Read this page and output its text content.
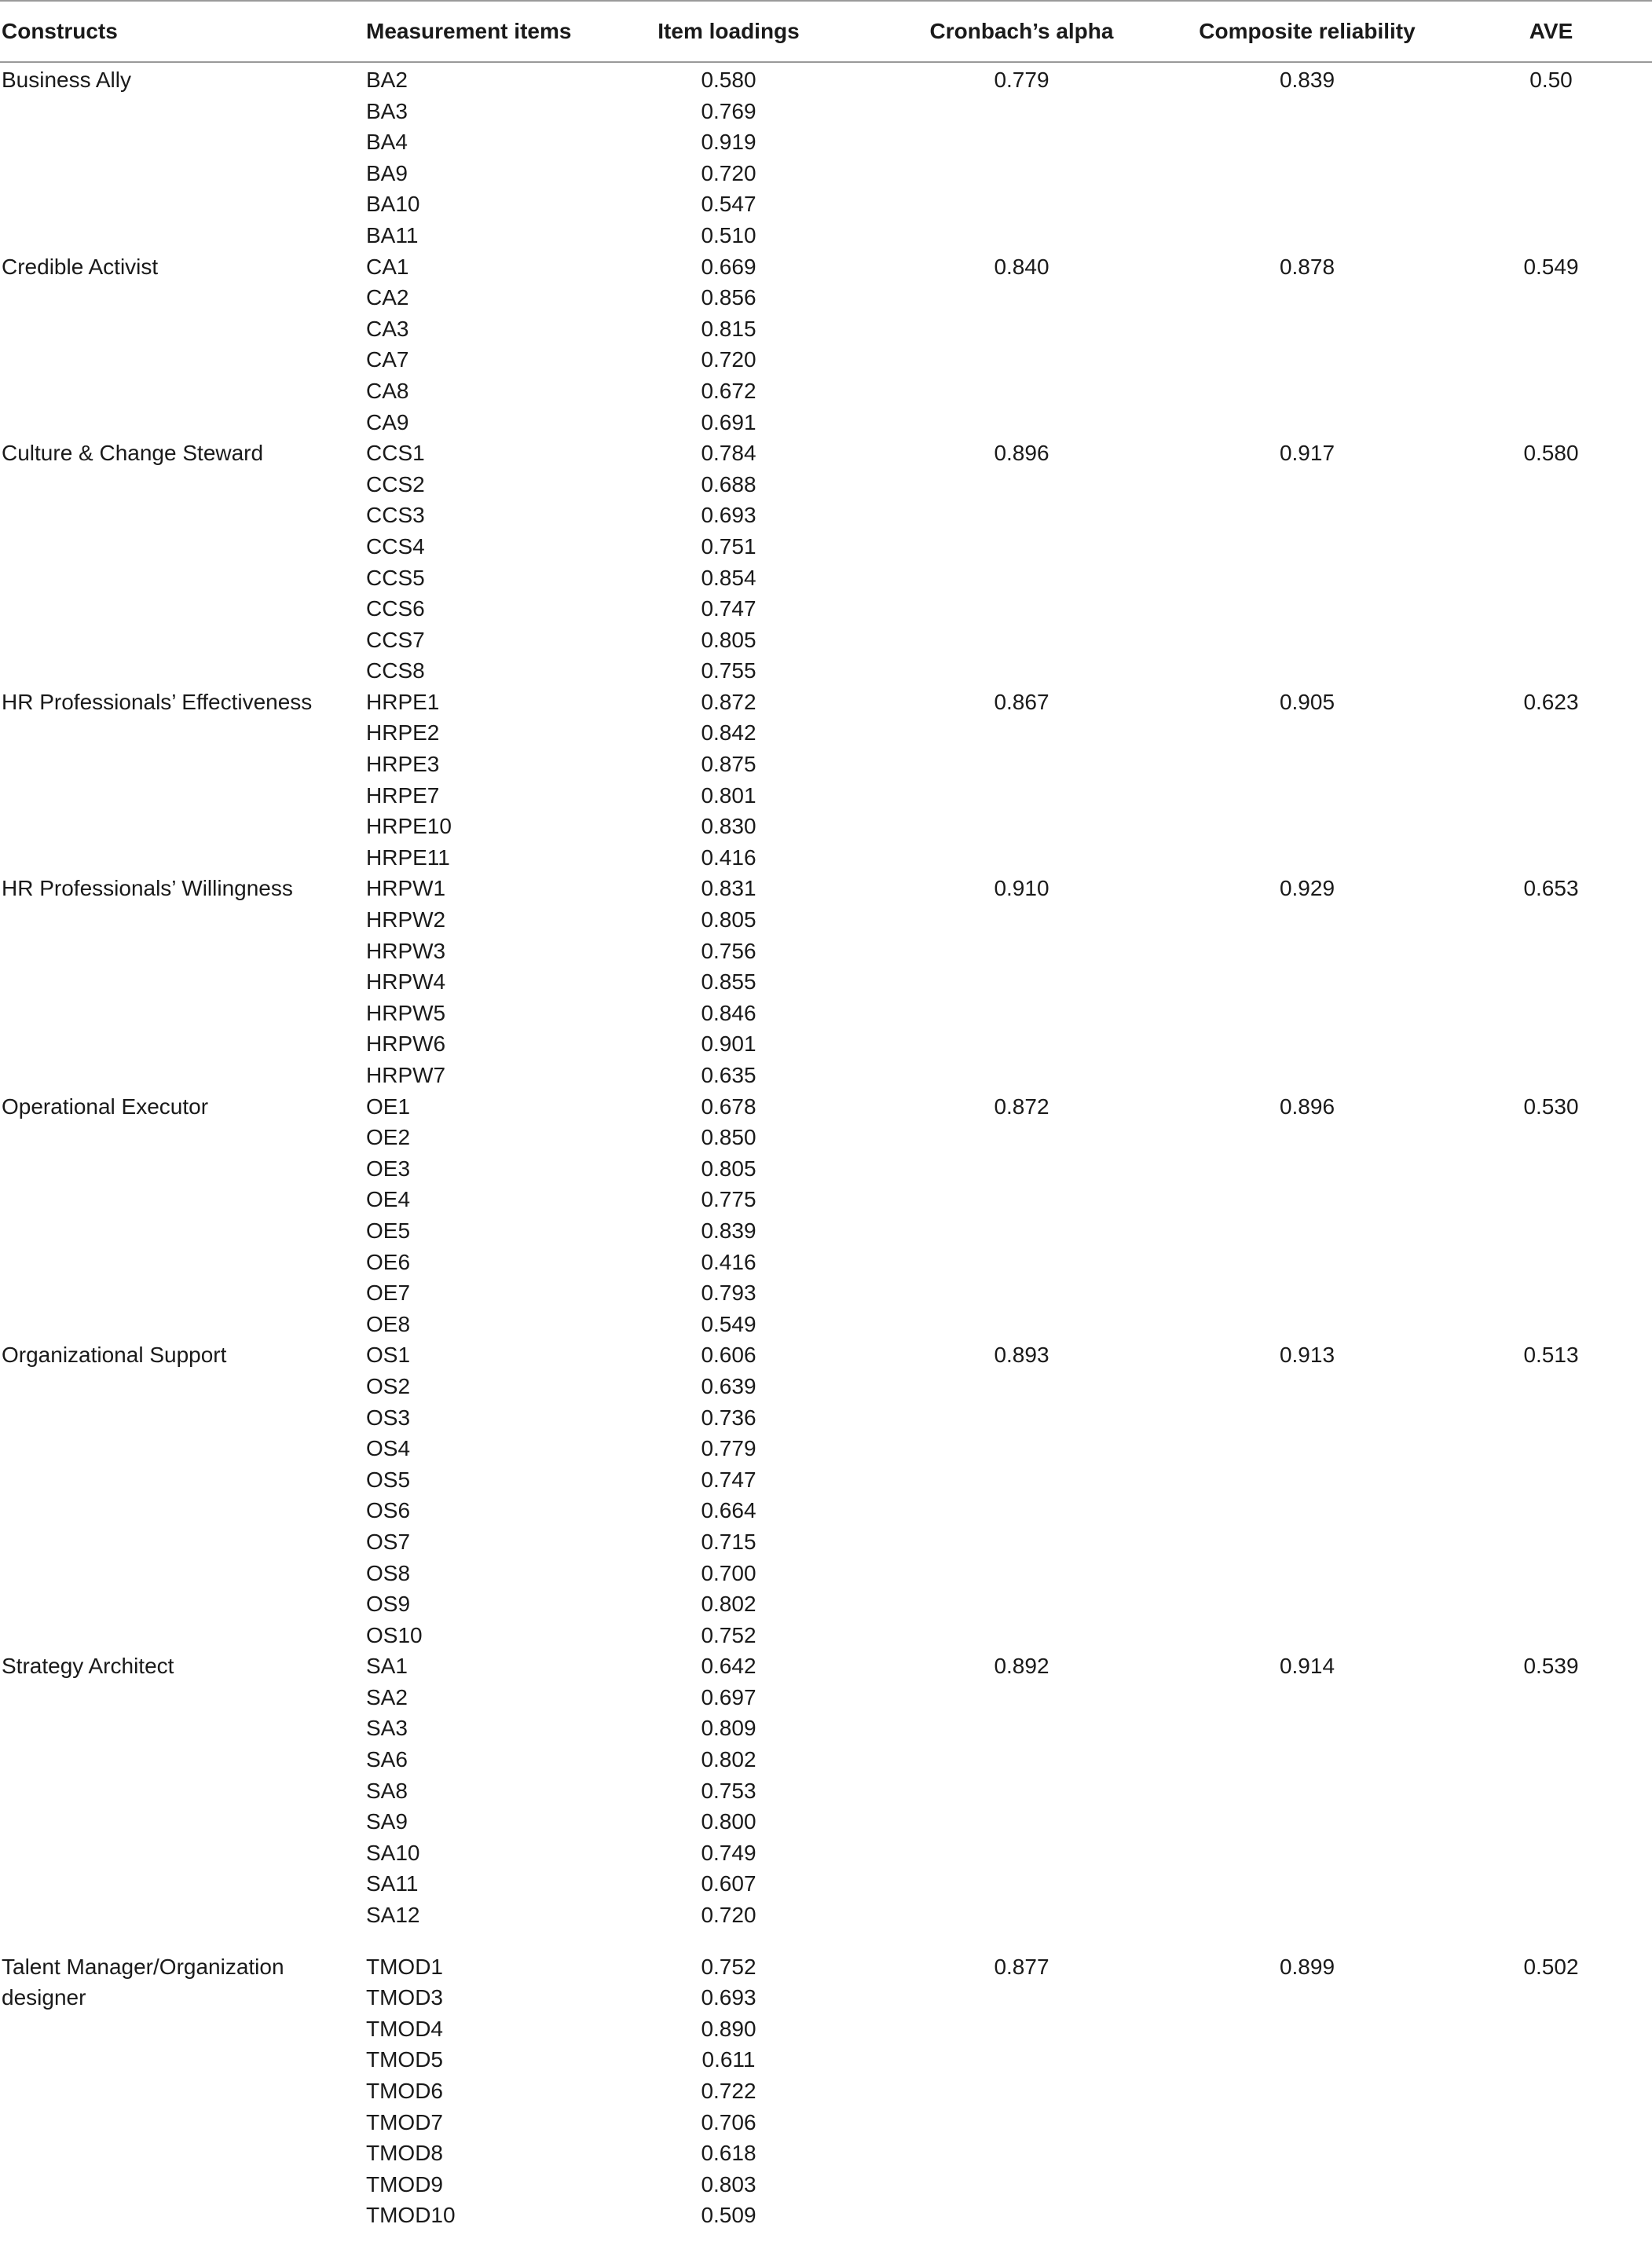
Constructs	Measurement items	Item loadings	Cronbach’s alpha	Composite reliability	AVE
Business Ally	BA2	0.580	0.779	0.839	0.50
	BA3	0.769			
	BA4	0.919			
	BA9	0.720			
	BA10	0.547			
	BA11	0.510			
Credible Activist	CA1	0.669	0.840	0.878	0.549
	CA2	0.856			
	CA3	0.815			
	CA7	0.720			
	CA8	0.672			
	CA9	0.691			
Culture & Change Steward	CCS1	0.784	0.896	0.917	0.580
	CCS2	0.688			
	CCS3	0.693			
	CCS4	0.751			
	CCS5	0.854			
	CCS6	0.747			
	CCS7	0.805			
	CCS8	0.755			

HR Professionals’ Effectiveness	HRPE1	0.872	0.867	0.905	0.623
	HRPE2	0.842			
	HRPE3	0.875			
	HRPE7	0.801			
	HRPE10	0.830			
	HRPE11	0.416			
HR Professionals’ Willingness	HRPW1	0.831	0.910	0.929	0.653
	HRPW2	0.805			
	HRPW3	0.756			
	HRPW4	0.855			
	HRPW5	0.846			
	HRPW6	0.901			
	HRPW7	0.635			
Operational Executor	OE1	0.678	0.872	0.896	0.530
	OE2	0.850			
	OE3	0.805			
	OE4	0.775			
	OE5	0.839			
	OE6	0.416			
	OE7	0.793			
	OE8	0.549			
Organizational Support	OS1	0.606	0.893	0.913	0.513
	OS2	0.639			
	OS3	0.736			
	OS4	0.779			
	OS5	0.747			
	OS6	0.664			
	OS7	0.715			
	OS8	0.700			
	OS9	0.802			
	OS10	0.752			
Strategy Architect	SA1	0.642	0.892	0.914	0.539
	SA2	0.697			
	SA3	0.809			
	SA6	0.802			
	SA8	0.753			
	SA9	0.800			
	SA10	0.749			
	SA11	0.607			
	SA12	0.720			

Talent Manager/Organization designer	TMOD1	0.752	0.877	0.899	0.502
	TMOD3	0.693			
	TMOD4	0.890			
	TMOD5	0.611			
	TMOD6	0.722			
	TMOD7	0.706			
	TMOD8	0.618			
	TMOD9	0.803			
	TMOD10	0.509			
